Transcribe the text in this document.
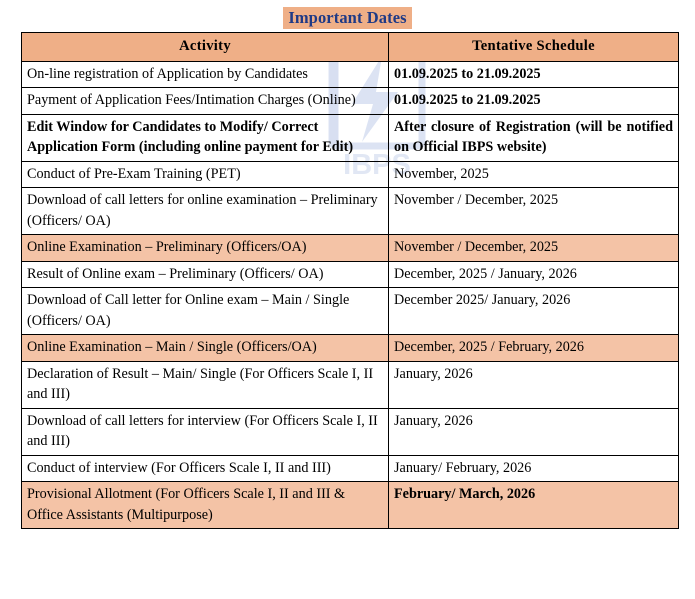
IBPS
Important Dates
Activity	Tentative Schedule
On-line registration of Application by Candidates	01.09.2025 to 21.09.2025
Payment of Application Fees/Intimation Charges (Online)	01.09.2025 to 21.09.2025
Edit Window for Candidates to Modify/ Correct Application Form (including online payment for Edit)	After closure of Registration (will be notified on Official IBPS website)
Conduct of Pre-Exam Training (PET)	November, 2025
Download of call letters for online examination – Preliminary (Officers/ OA)	November / December, 2025
Online Examination – Preliminary (Officers/OA)	November / December, 2025
Result of Online exam – Preliminary (Officers/ OA)	December, 2025 / January, 2026
Download of Call letter for Online exam – Main / Single (Officers/ OA)	December 2025/ January, 2026
Online Examination – Main / Single (Officers/OA)	December, 2025 / February, 2026
Declaration of Result – Main/ Single (For Officers Scale I, II and III)	January, 2026
Download of call letters for interview (For Officers Scale I, II and III)	January, 2026
Conduct of interview (For Officers Scale I, II and III)	January/ February, 2026
Provisional Allotment (For Officers Scale I, II and III & Office Assistants (Multipurpose)	February/ March, 2026
